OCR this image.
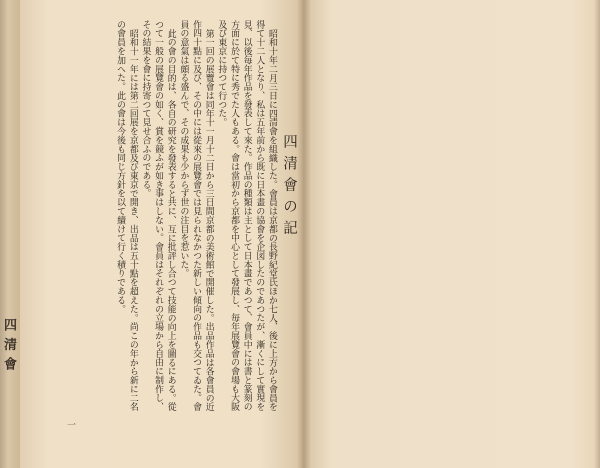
四 清 會
四清會の記

昭和十年二月三日に四清會を組織した。會員は京都の長野紀堂氏ほか七人、後に上方から會員を得て十二人となり、私は五年前から既に日本畫の協會を企図したのであつたが、漸くにして實現を見、以後毎年作品を發表して來た。作品の種類は主として日本畫であつて、會員中には書と篆刻の方面に於て特に秀でた人もある。會は當初から京都を中心として發展し、毎年展覽會の會場も大阪及び東京に持つて行つた。

第一回の展覽會は同年十一月十二日から三日間京都の美術館で開催した。出品作品は各會員の近作四十點に及び、その中には從來の展覽會では見られなかつた新しい傾向の作品も交つてゐた。會員の意氣は頗る盛んで、その成果も少からず世の注目を惹いた。

此の會の目的は、各自の研究を發表すると共に、互に批評し合つて技能の向上を圖るにある。從つて一般の展覽會の如く、賞を競ふが如き事はしない。會員はそれぞれの立場から自由に制作し、その結果を會に持寄つて見せ合ふのである。

昭和十一年には第二回展を京都及び東京で開き、出品は五十點を超えた。尚この年から新に二名の會員を加へた。此の會は今後も同じ方針を以て續けて行く積りである。

一
